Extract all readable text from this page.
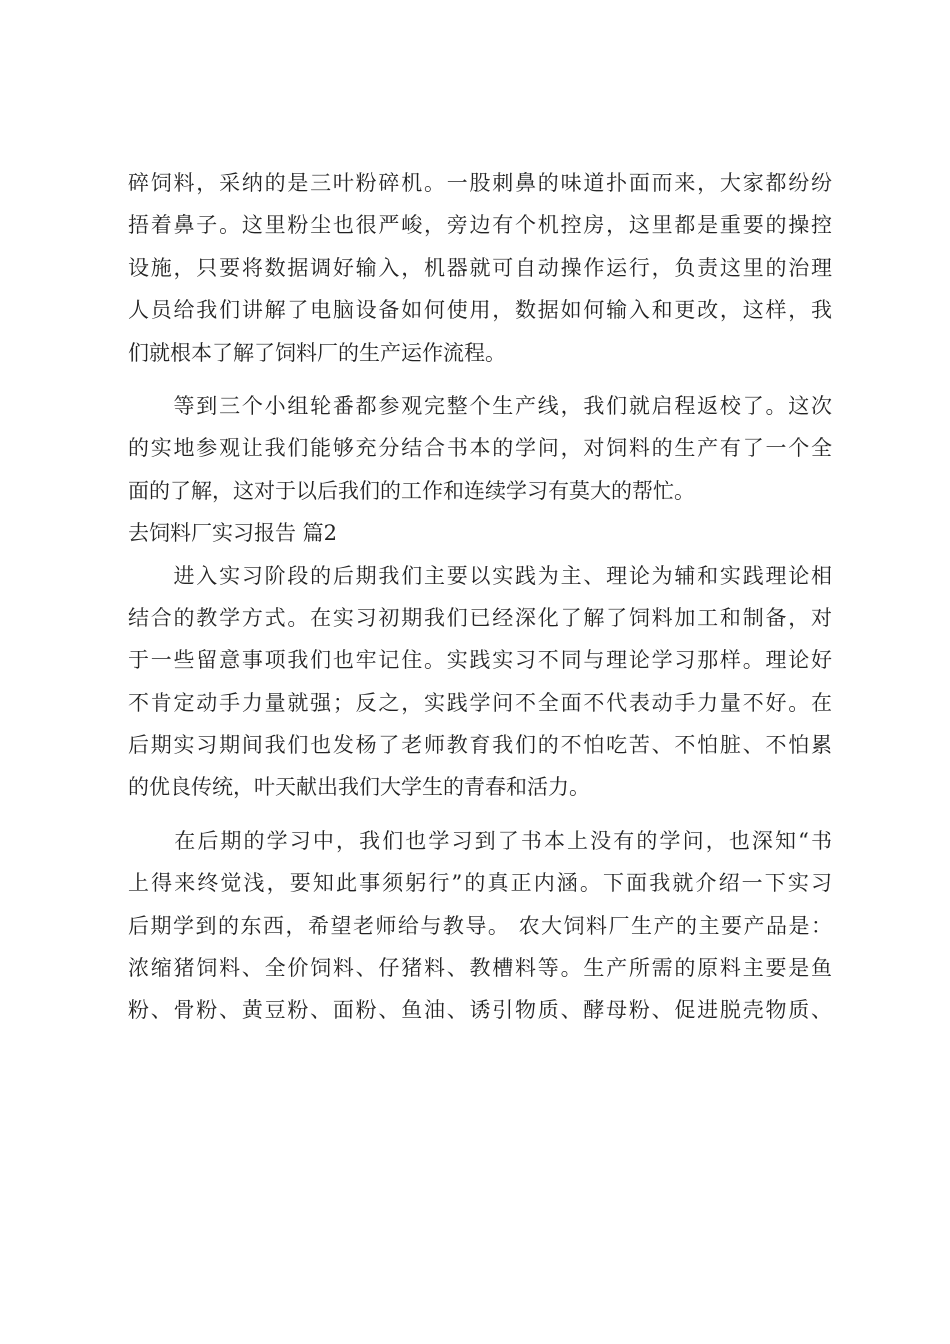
碎饲料，采纳的是三叶粉碎机。一股刺鼻的味道扑面而来，大家都纷纷
捂着鼻子。这里粉尘也很严峻，旁边有个机控房，这里都是重要的操控
设施，只要将数据调好输入，机器就可自动操作运行，负责这里的治理
人员给我们讲解了电脑设备如何使用，数据如何输入和更改，这样，我
们就根本了解了饲料厂的生产运作流程。
　　等到三个小组轮番都参观完整个生产线，我们就启程返校了。这次
的实地参观让我们能够充分结合书本的学问，对饲料的生产有了一个全
面的了解，这对于以后我们的工作和连续学习有莫大的帮忙。
去饲料厂实习报告 篇2
　　进入实习阶段的后期我们主要以实践为主、理论为辅和实践理论相
结合的教学方式。在实习初期我们已经深化了解了饲料加工和制备，对
于一些留意事项我们也牢记住。实践实习不同与理论学习那样。理论好
不肯定动手力量就强；反之，实践学问不全面不代表动手力量不好。在
后期实习期间我们也发杨了老师教育我们的不怕吃苦、不怕脏、不怕累
的优良传统，叶天献出我们大学生的青春和活力。
　　在后期的学习中，我们也学习到了书本上没有的学问，也深知“书
上得来终觉浅，要知此事须躬行”的真正内涵。下面我就介绍一下实习
后期学到的东西，希望老师给与教导。 农大饲料厂生产的主要产品是：
浓缩猪饲料、全价饲料、仔猪料、教槽料等。生产所需的原料主要是鱼
粉、骨粉、黄豆粉、面粉、鱼油、诱引物质、酵母粉、促进脱壳物质、
